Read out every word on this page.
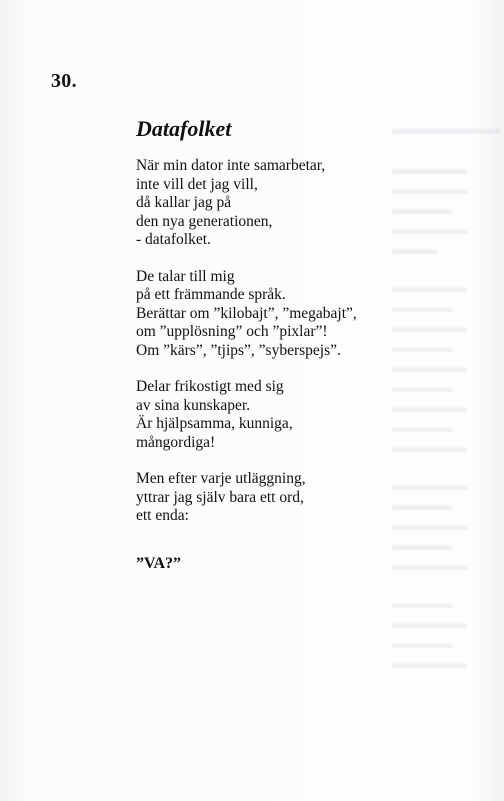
▬▬▬▬▬▬
▬▬▬▬▬
▬▬▬▬▬
▬▬▬▬
▬▬▬▬▬
▬▬▬
▬▬▬▬▬
▬▬▬▬
▬▬▬▬▬
▬▬▬▬
▬▬▬▬▬
▬▬▬▬
▬▬▬▬▬
▬▬▬▬
▬▬▬▬▬
▬▬▬▬▬
▬▬▬▬
▬▬▬▬▬
▬▬▬▬
▬▬▬▬▬
▬▬▬▬
▬▬▬▬▬
▬▬▬▬
▬▬▬▬▬
30.
Datafolket
När min dator inte samarbetar,
inte vill det jag vill,
då kallar jag på
den nya generationen,
- datafolket.
De talar till mig
på ett främmande språk.
Berättar om ”kilobajt”, ”megabajt”,
om ”upplösning” och ”pixlar”!
Om ”kärs”, ”tjips”, ”syberspejs”.
Delar frikostigt med sig
av sina kunskaper.
Är hjälpsamma, kunniga,
mångordiga!
Men efter varje utläggning,
yttrar jag själv bara ett ord,
ett enda:
”VA?”
